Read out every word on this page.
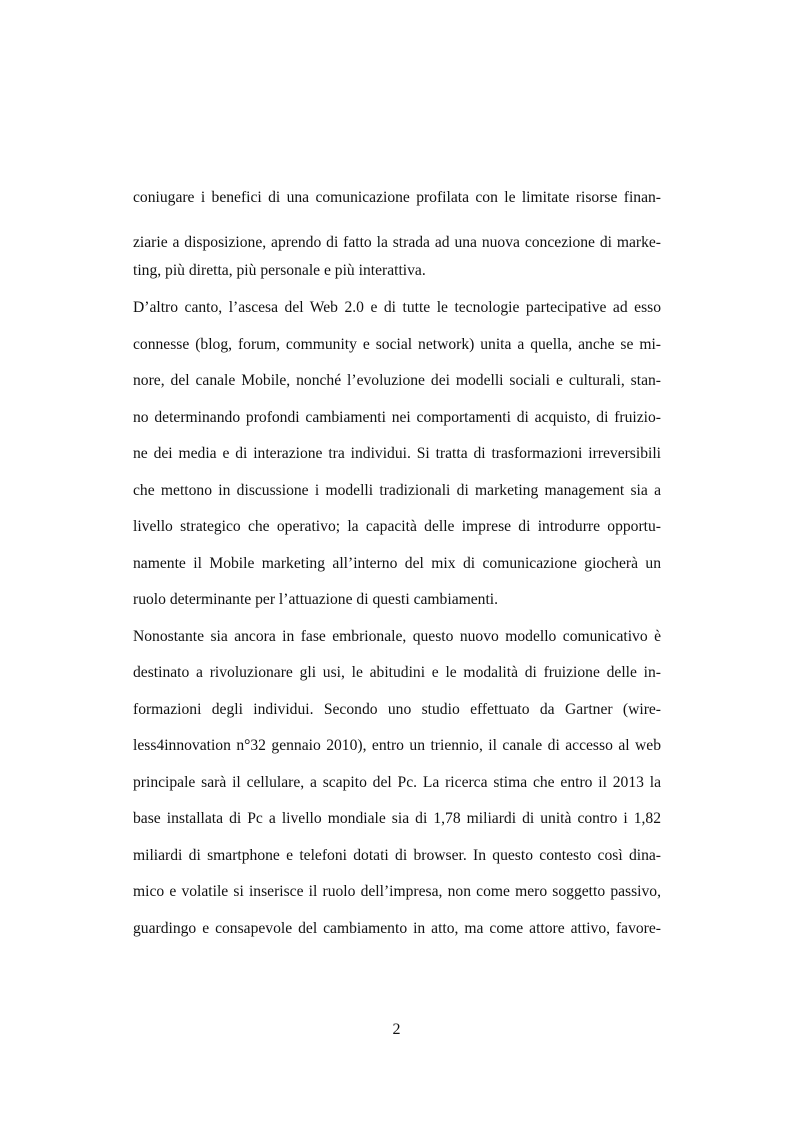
coniugare i benefici di una comunicazione profilata con le limitate risorse finan-
ziarie a disposizione, aprendo di fatto la strada ad una nuova concezione di marke-
ting, più diretta, più personale e più interattiva.
D’altro canto, l’ascesa del Web 2.0 e di tutte le tecnologie partecipative ad esso
connesse (blog, forum, community e social network) unita a quella, anche se mi-
nore, del canale Mobile, nonché l’evoluzione dei modelli sociali e culturali, stan-
no determinando profondi cambiamenti nei comportamenti di acquisto, di fruizio-
ne dei media e di interazione tra individui. Si tratta di trasformazioni irreversibili
che mettono in discussione i modelli tradizionali di marketing management sia a
livello strategico che operativo; la capacità delle imprese di introdurre opportu-
namente il Mobile marketing all’interno del mix di comunicazione giocherà un
ruolo determinante per l’attuazione di questi cambiamenti.
Nonostante sia ancora in fase embrionale, questo nuovo modello comunicativo è
destinato a rivoluzionare gli usi, le abitudini e le modalità di fruizione delle in-
formazioni degli individui. Secondo uno studio effettuato da Gartner (wire-
less4innovation n°32 gennaio 2010), entro un triennio, il canale di accesso al web
principale sarà il cellulare, a scapito del Pc. La ricerca stima che entro il 2013 la
base installata di Pc a livello mondiale sia di 1,78 miliardi di unità contro i 1,82
miliardi di smartphone e telefoni dotati di browser. In questo contesto così dina-
mico e volatile si inserisce il ruolo dell’impresa, non come mero soggetto passivo,
guardingo e consapevole del cambiamento in atto, ma come attore attivo, favore-
2
